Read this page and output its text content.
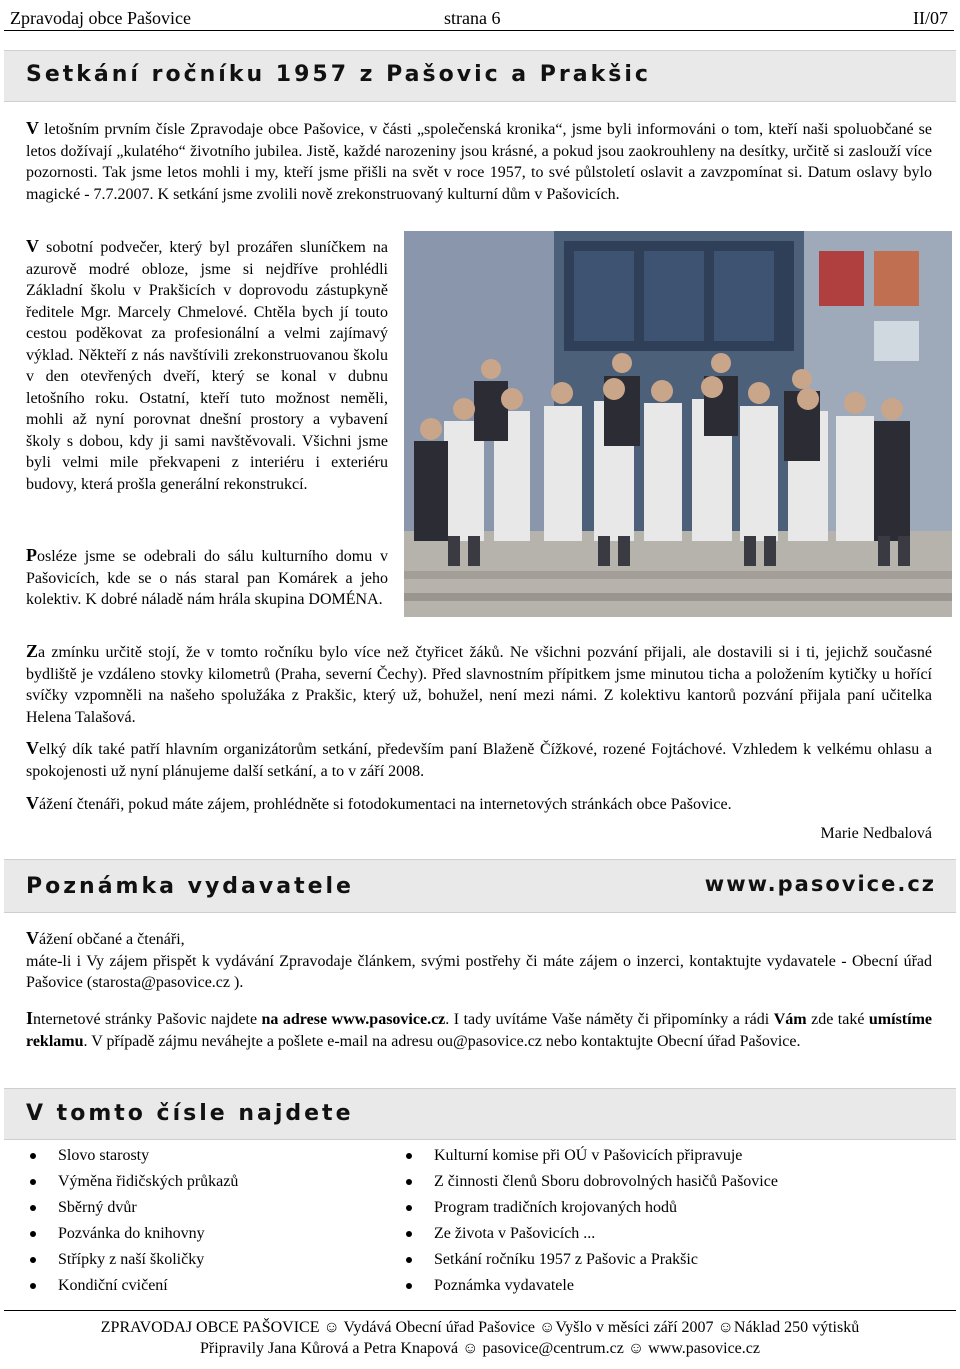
Zpravodaj obce Pašovice	strana 6	II/07
Setkání ročníku 1957 z Pašovic a Prakšic

V letošním prvním čísle Zpravodaje obce Pašovice, v části „společenská kronika“, jsme byli informováni o tom, kteří naši spoluobčané se letos dožívají „kulatého“ životního jubilea. Jistě, každé narozeniny jsou krásné, a pokud jsou zaokrouhleny na desítky, určitě si zaslouží více pozornosti. Tak jsme letos mohli i my, kteří jsme přišli na svět v roce 1957, to své půlstoletí oslavit a zavzpomínat si. Datum oslavy bylo magické - 7.7.2007. K setkání jsme zvolili nově zrekonstruovaný kulturní dům v Pašovicích.

V sobotní podvečer, který byl prozářen sluníčkem na azurově modré obloze, jsme si nejdříve prohlédli Základní školu v Prakšicích v doprovodu zástupkyně ředitele Mgr. Marcely Chmelové. Chtěla bych jí touto cestou poděkovat za profesionální a velmi zajímavý výklad. Někteří z nás navštívili zrekonstruovanou školu v den otevřených dveří, který se konal v dubnu letošního roku. Ostatní, kteří tuto možnost neměli, mohli až nyní porovnat dnešní prostory a vybavení školy s dobou, kdy ji sami navštěvovali. Všichni jsme byli velmi mile překvapeni z interiéru i exteriéru budovy, která prošla generální rekonstrukcí.

Posléze jsme se odebrali do sálu kulturního domu v Pašovicích, kde se o nás staral pan Komárek a jeho kolektiv. K dobré náladě nám hrála skupina DOMÉNA.

Za zmínku určitě stojí, že v tomto ročníku bylo více než čtyřicet žáků. Ne všichni pozvání přijali, ale dostavili si i ti, jejichž současné bydliště je vzdáleno stovky kilometrů (Praha, severní Čechy). Před slavnostním přípitkem jsme minutou ticha a položením kytičky u hořící svíčky vzpomněli na našeho spolužáka z Prakšic, který už, bohužel, není mezi námi. Z kolektivu kantorů pozvání přijala paní učitelka Helena Talašová.

Velký dík také patří hlavním organizátorům setkání, především paní Blaženě Čížkové, rozené Fojtáchové. Vzhledem k velkému ohlasu a spokojenosti už nyní plánujeme další setkání, a to v září 2008.

Vážení čtenáři, pokud máte zájem, prohlédněte si fotodokumentaci na internetových stránkách obce Pašovice.

Marie Nedbalová
Poznámka vydavatele	www.pasovice.cz
Vážení občané a čtenáři,
máte-li i Vy zájem přispět k vydávání Zpravodaje článkem, svými postřehy či máte zájem o inzerci, kontaktujte vydavatele - Obecní úřad Pašovice (starosta@pasovice.cz ).

Internetové stránky Pašovic najdete na adrese www.pasovice.cz. I tady uvítáme Vaše náměty či připomínky a rádi Vám zde také umístíme reklamu. V případě zájmu neváhejte a pošlete e-mail na adresu ou@pasovice.cz nebo kontaktujte Obecní úřad Pašovice.

V tomto čísle najdete
Slovo starosty
Výměna řidičských průkazů
Sběrný dvůr
Pozvánka do knihovny
Střípky z naší školičky
Kondiční cvičení
Kulturní komise při OÚ v Pašovicích připravuje
Z činnosti členů Sboru dobrovolných hasičů Pašovice
Program tradičních krojovaných hodů
Ze života v Pašovicích ...
Setkání ročníku 1957 z Pašovic a Prakšic
Poznámka vydavatele
ZPRAVODAJ OBCE PAŠOVICE ☺ Vydává Obecní úřad Pašovice ☺Vyšlo v měsíci září 2007 ☺Náklad 250 výtisků
Připravily Jana Kůrová a Petra Knapová ☺ pasovice@centrum.cz ☺ www.pasovice.cz
